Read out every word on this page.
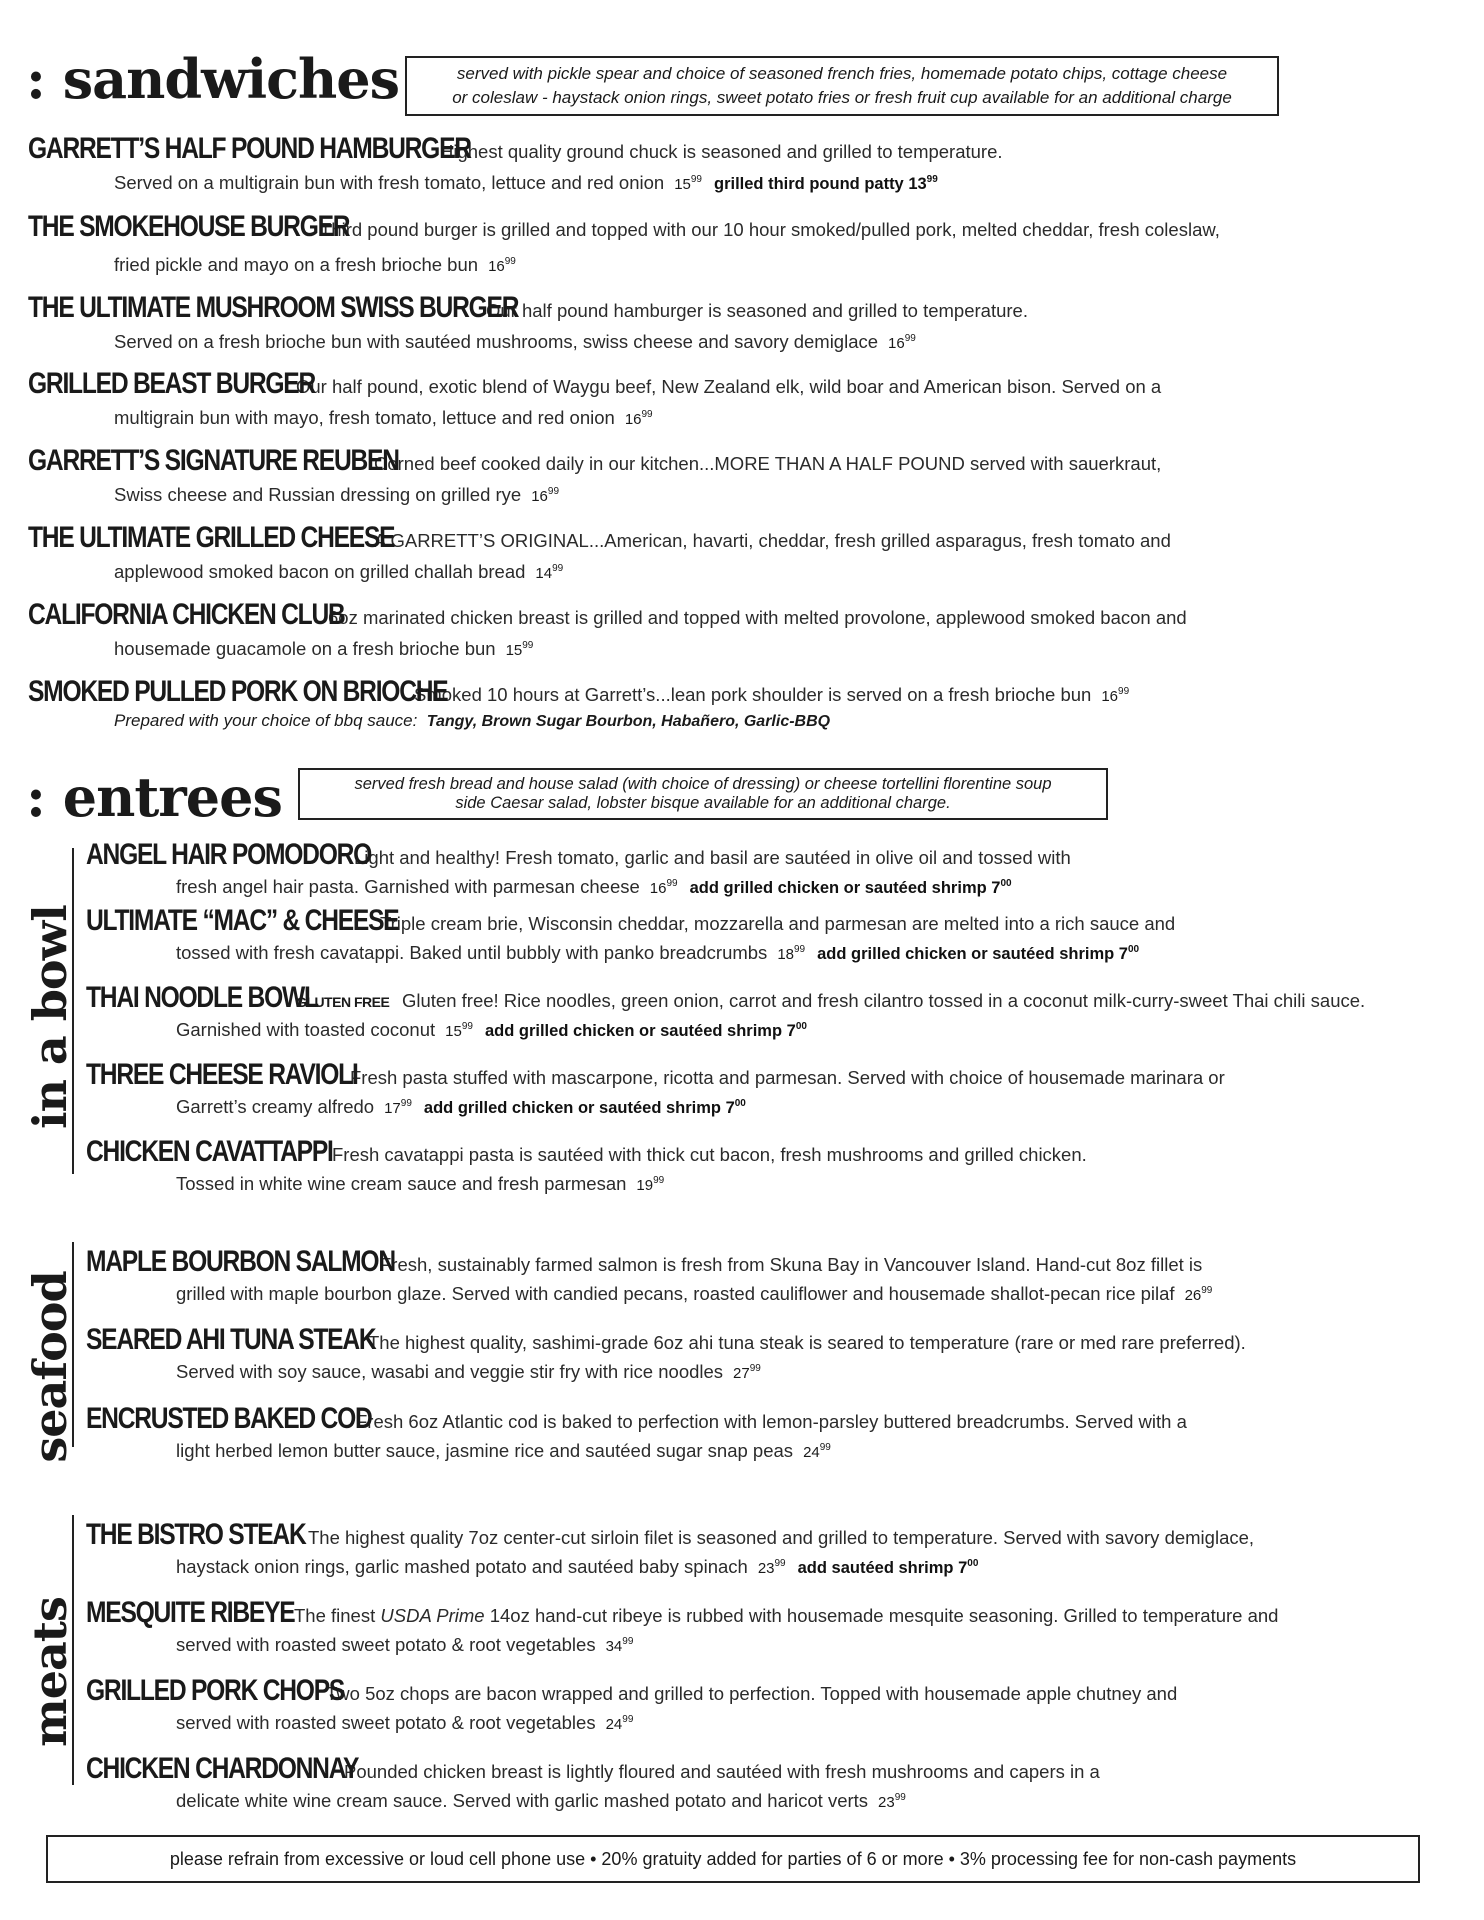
: sandwiches	served with pickle spear and choice of seasoned french fries, homemade potato chips, cottage cheese
or coleslaw - haystack onion rings, sweet potato fries or fresh fruit cup available for an additional charge
GARRETT’S HALF POUND HAMBURGER
Highest quality ground chuck is seasoned and grilled to temperature.
Served on a multigrain bun with fresh tomato, lettuce and red onion $15^{99}$ grilled third pound patty $13^{99}$
THE SMOKEHOUSE BURGER
Third pound burger is grilled and topped with our 10 hour smoked/pulled pork, melted cheddar, fresh coleslaw,
fried pickle and mayo on a fresh brioche bun $16^{99}$
THE ULTIMATE MUSHROOM SWISS BURGER
Our half pound hamburger is seasoned and grilled to temperature.
Served on a fresh brioche bun with sautéed mushrooms, swiss cheese and savory demiglace $16^{99}$
GRILLED BEAST BURGER
Our half pound, exotic blend of Waygu beef, New Zealand elk, wild boar and American bison. Served on a
multigrain bun with mayo, fresh tomato, lettuce and red onion $16^{99}$
GARRETT’S SIGNATURE REUBEN
Corned beef cooked daily in our kitchen...MORE THAN A HALF POUND served with sauerkraut,
Swiss cheese and Russian dressing on grilled rye $16^{99}$
THE ULTIMATE GRILLED CHEESE
A GARRETT’S ORIGINAL...American, havarti, cheddar, fresh grilled asparagus, fresh tomato and
applewood smoked bacon on grilled challah bread $14^{99}$
CALIFORNIA CHICKEN CLUB
6oz marinated chicken breast is grilled and topped with melted provolone, applewood smoked bacon and
housemade guacamole on a fresh brioche bun $15^{99}$
SMOKED PULLED PORK ON BRIOCHE
Smoked 10 hours at Garrett’s...lean pork shoulder is served on a fresh brioche bun $16^{99}$
Prepared with your choice of bbq sauce: Tangy, Brown Sugar Bourbon, Habañero, Garlic-BBQ
: entrees	served fresh bread and house salad (with choice of dressing) or cheese tortellini florentine soup
side Caesar salad, lobster bisque available for an additional charge.
in a bowl
ANGEL HAIR POMODORO
Light and healthy! Fresh tomato, garlic and basil are sautéed in olive oil and tossed with
fresh angel hair pasta. Garnished with parmesan cheese $16^{99}$ add grilled chicken or sautéed shrimp $7^{00}$
ULTIMATE “MAC” & CHEESE
Triple cream brie, Wisconsin cheddar, mozzarella and parmesan are melted into a rich sauce and
tossed with fresh cavatappi. Baked until bubbly with panko breadcrumbs $18^{99}$ add grilled chicken or sautéed shrimp $7^{00}$
THAI NOODLE BOWL
GLUTEN FREE Gluten free! Rice noodles, green onion, carrot and fresh cilantro tossed in a coconut milk-curry-sweet Thai chili sauce.
Garnished with toasted coconut $15^{99}$ add grilled chicken or sautéed shrimp $7^{00}$
THREE CHEESE RAVIOLI
Fresh pasta stuffed with mascarpone, ricotta and parmesan. Served with choice of housemade marinara or
Garrett’s creamy alfredo $17^{99}$ add grilled chicken or sautéed shrimp $7^{00}$
CHICKEN CAVATTAPPI Fresh cavatappi pasta is sautéed with thick cut bacon, fresh mushrooms and grilled chicken.
Tossed in white wine cream sauce and fresh parmesan $19^{99}$
seafood
MAPLE BOURBON SALMON
Fresh, sustainably farmed salmon is fresh from Skuna Bay in Vancouver Island. Hand-cut 8oz fillet is
grilled with maple bourbon glaze. Served with candied pecans, roasted cauliflower and housemade shallot-pecan rice pilaf $26^{99}$
SEARED AHI TUNA STEAK
The highest quality, sashimi-grade 6oz ahi tuna steak is seared to temperature (rare or med rare preferred).
Served with soy sauce, wasabi and veggie stir fry with rice noodles $27^{99}$
ENCRUSTED BAKED COD
Fresh 6oz Atlantic cod is baked to perfection with lemon-parsley buttered breadcrumbs. Served with a
light herbed lemon butter sauce, jasmine rice and sautéed sugar snap peas $24^{99}$
meats
THE BISTRO STEAK The highest quality 7oz center-cut sirloin filet is seasoned and grilled to temperature. Served with savory demiglace,
haystack onion rings, garlic mashed potato and sautéed baby spinach $23^{99}$ add sautéed shrimp $7^{00}$
MESQUITE RIBEYE The finest USDA Prime 14oz hand-cut ribeye is rubbed with housemade mesquite seasoning. Grilled to temperature and
served with roasted sweet potato & root vegetables $34^{99}$
GRILLED PORK CHOPS
Two 5oz chops are bacon wrapped and grilled to perfection. Topped with housemade apple chutney and
served with roasted sweet potato & root vegetables $24^{99}$
CHICKEN CHARDONNAY
Pounded chicken breast is lightly floured and sautéed with fresh mushrooms and capers in a
delicate white wine cream sauce. Served with garlic mashed potato and haricot verts $23^{99}$
please refrain from excessive or loud cell phone use • 20% gratuity added for parties of 6 or more • 3% processing fee for non-cash payments
